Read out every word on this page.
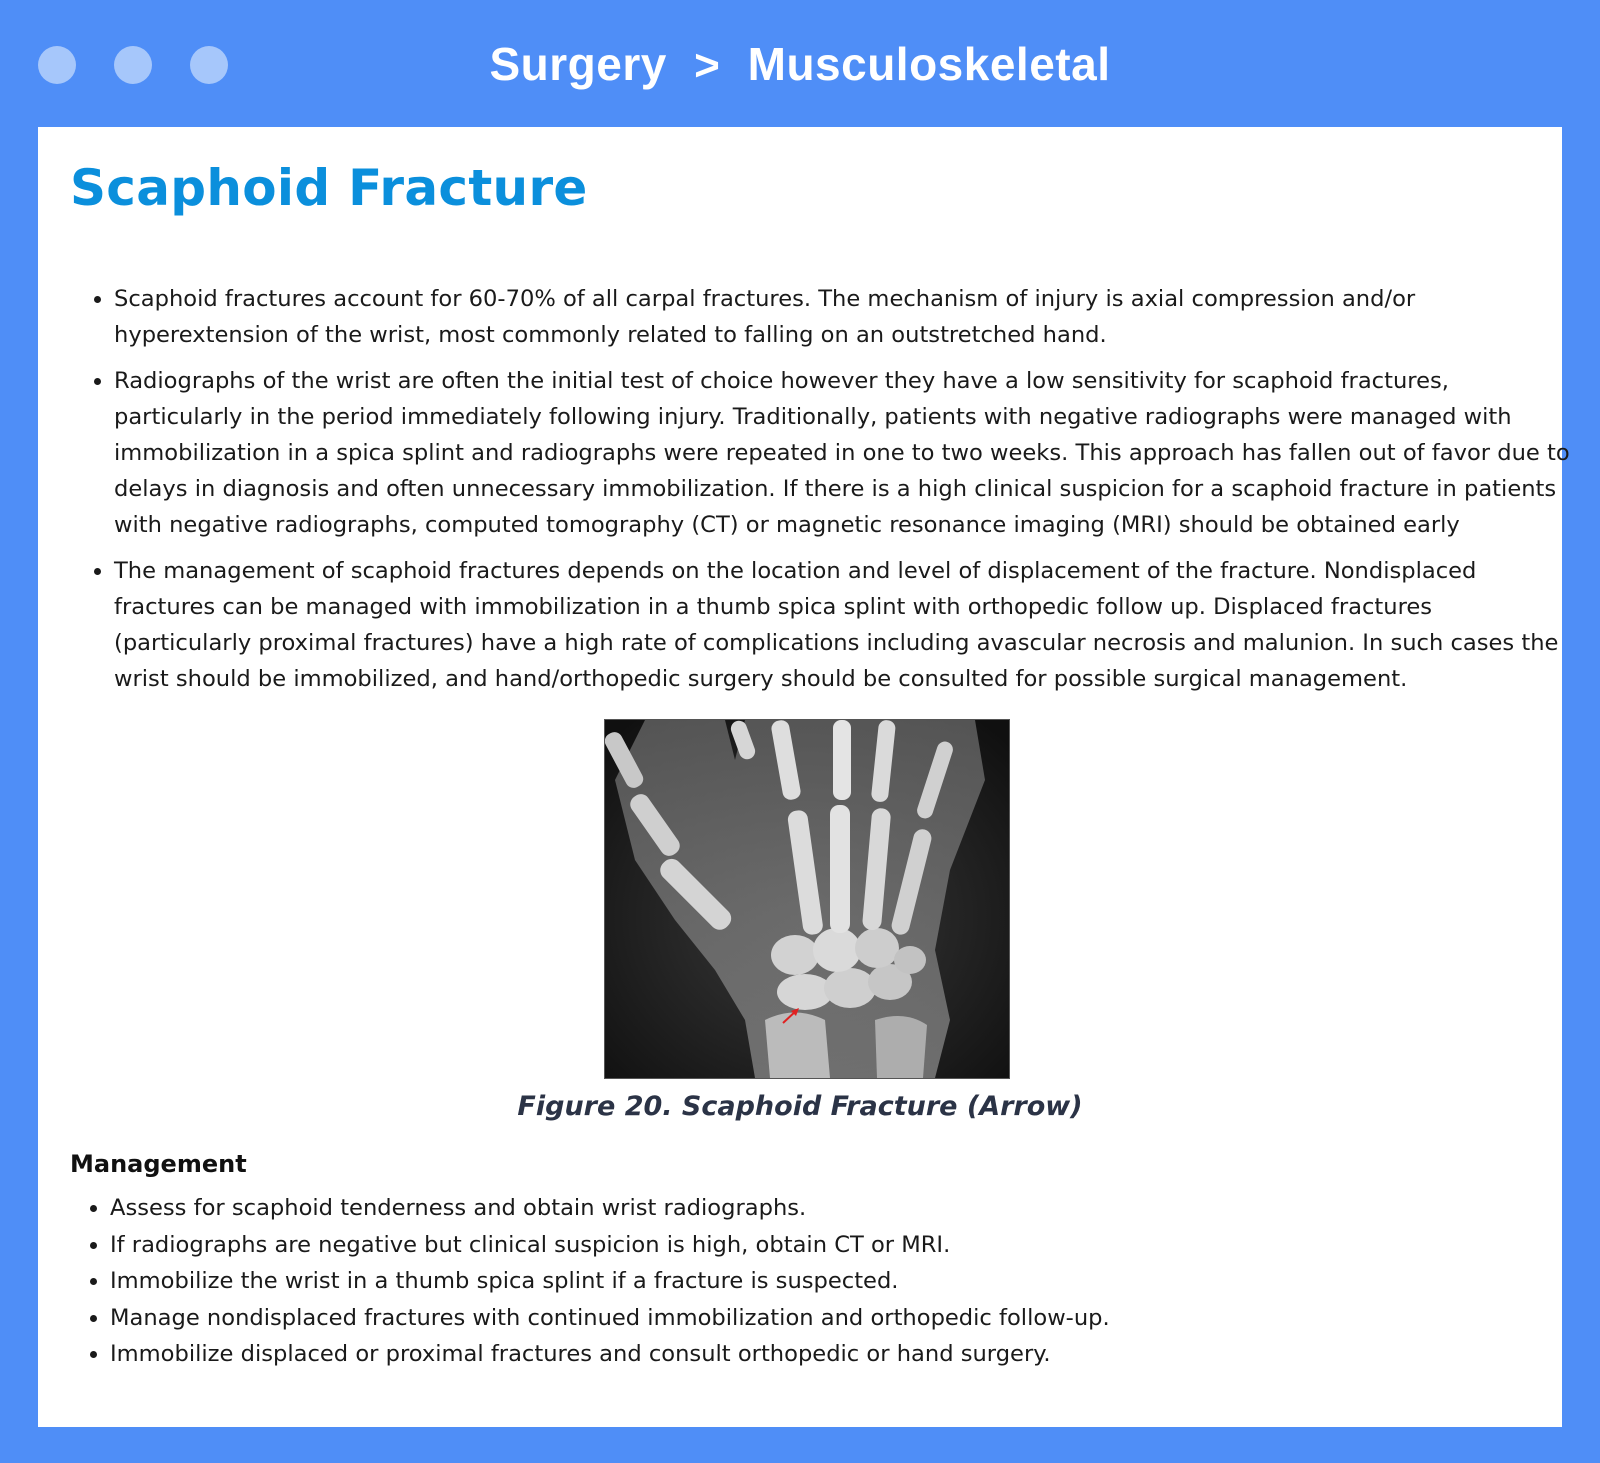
Surgery > Musculoskeletal
Scaphoid Fracture
• Scaphoid fractures account for 60-70% of all carpal fractures. The mechanism of injury is axial compression and/or hyperextension of the wrist, most commonly related to falling on an outstretched hand.
• Radiographs of the wrist are often the initial test of choice however they have a low sensitivity for scaphoid fractures, particularly in the period immediately following injury. Traditionally, patients with negative radiographs were managed with immobilization in a spica splint and radiographs were repeated in one to two weeks. This approach has fallen out of favor due to delays in diagnosis and often unnecessary immobilization. If there is a high clinical suspicion for a scaphoid fracture in patients with negative radiographs, computed tomography (CT) or magnetic resonance imaging (MRI) should be obtained early
• The management of scaphoid fractures depends on the location and level of displacement of the fracture. Nondisplaced fractures can be managed with immobilization in a thumb spica splint with orthopedic follow up. Displaced fractures (particularly proximal fractures) have a high rate of complications including avascular necrosis and malunion. In such cases the wrist should be immobilized, and hand/orthopedic surgery should be consulted for possible surgical management.

Figure 20. Scaphoid Fracture (Arrow)

Management
• Assess for scaphoid tenderness and obtain wrist radiographs.
• If radiographs are negative but clinical suspicion is high, obtain CT or MRI.
• Immobilize the wrist in a thumb spica splint if a fracture is suspected.
• Manage nondisplaced fractures with continued immobilization and orthopedic follow-up.
• Immobilize displaced or proximal fractures and consult orthopedic or hand surgery.
